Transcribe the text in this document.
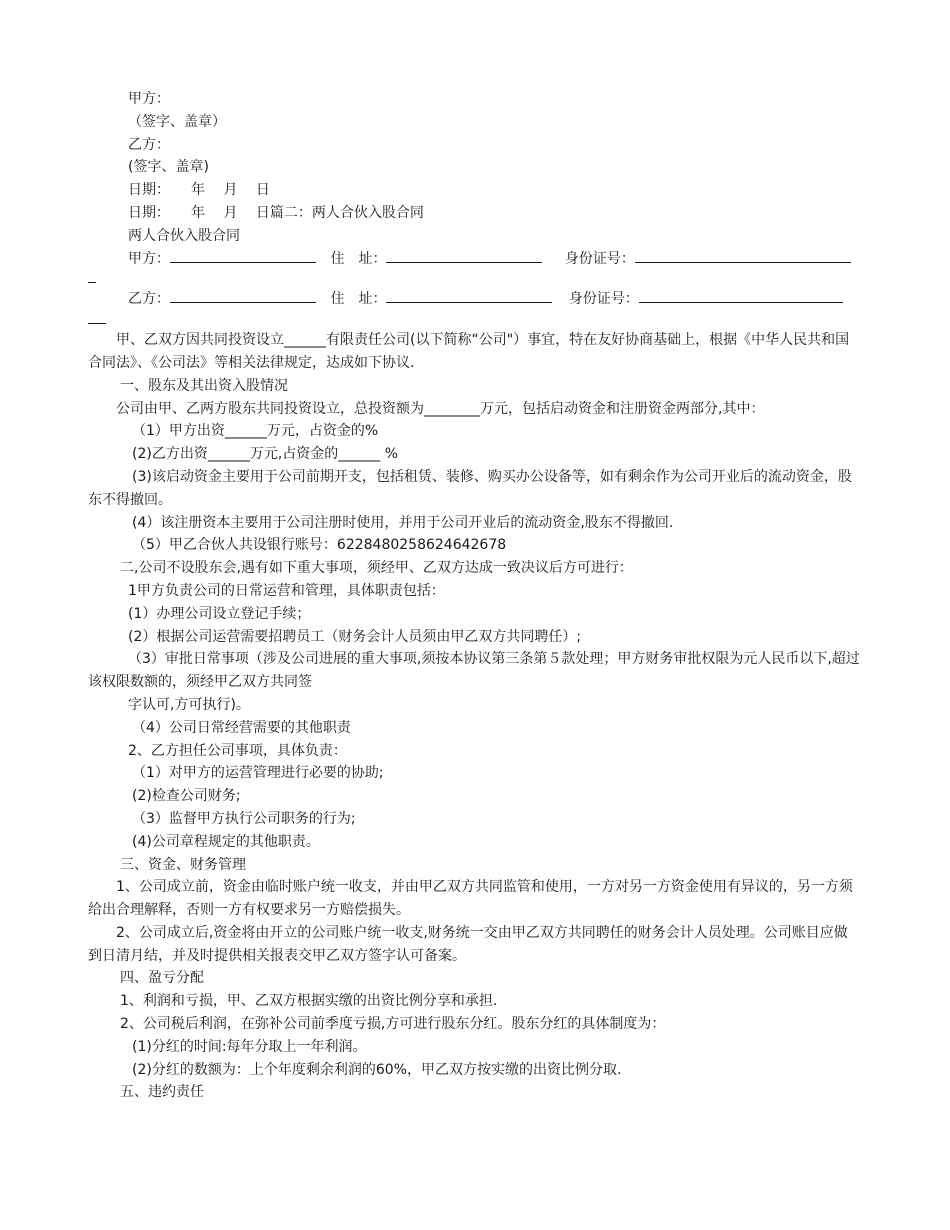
甲方：
（签字、盖章）
乙方：
(签字、盖章)
日期：　　年　 月　 日
日期：　　年　 月　 日篇二：两人合伙入股合同
两人合伙入股合同
甲方：	住　址：	身份证号：
乙方：	住　址：	身份证号：
甲、乙双方因共同投资设立______有限责任公司(以下简称“公司"）事宜，特在友好协商基础上，根据《中华人民共和国合同法》、《公司法》等相关法律规定，达成如下协议.
一、股东及其出资入股情况
公司由甲、乙两方股东共同投资设立，总投资额为________万元，包括启动资金和注册资金两部分,其中：
（1）甲方出资______万元，占资金的%
(2)乙方出资______万元,占资金的______ %
(3)该启动资金主要用于公司前期开支，包括租赁、装修、购买办公设备等，如有剩余作为公司开业后的流动资金，股东不得撤回。
(4）该注册资本主要用于公司注册时使用，并用于公司开业后的流动资金,股东不得撤回.
（5）甲乙合伙人共设银行账号：6228480258624642678
二,公司不设股东会,遇有如下重大事项，须经甲、乙双方达成一致决议后方可进行：
1甲方负责公司的日常运营和管理，具体职责包括：
(1）办理公司设立登记手续；
(2）根据公司运营需要招聘员工（财务会计人员须由甲乙双方共同聘任）;
（3）审批日常事项（涉及公司进展的重大事项,须按本协议第三条第５款处理；甲方财务审批权限为元人民币以下,超过该权限数额的，须经甲乙双方共同签
字认可,方可执行)。
（4）公司日常经营需要的其他职责
2、乙方担任公司事项，具体负责：
（1）对甲方的运营管理进行必要的协助;
(2)检查公司财务;
（3）监督甲方执行公司职务的行为;
(4)公司章程规定的其他职责。
三、资金、财务管理
1、公司成立前，资金由临时账户统一收支，并由甲乙双方共同监管和使用，一方对另一方资金使用有异议的，另一方须给出合理解释，否则一方有权要求另一方赔偿损失。
2、公司成立后,资金将由开立的公司账户统一收支,财务统一交由甲乙双方共同聘任的财务会计人员处理。公司账目应做到日清月结，并及时提供相关报表交甲乙双方签字认可备案。
四、盈亏分配
1、利润和亏损，甲、乙双方根据实缴的出资比例分享和承担.
2、公司税后利润，在弥补公司前季度亏损,方可进行股东分红。股东分红的具体制度为：
(1)分红的时间:每年分取上一年利润。
(2)分红的数额为：上个年度剩余利润的60%，甲乙双方按实缴的出资比例分取.
五、违约责任
